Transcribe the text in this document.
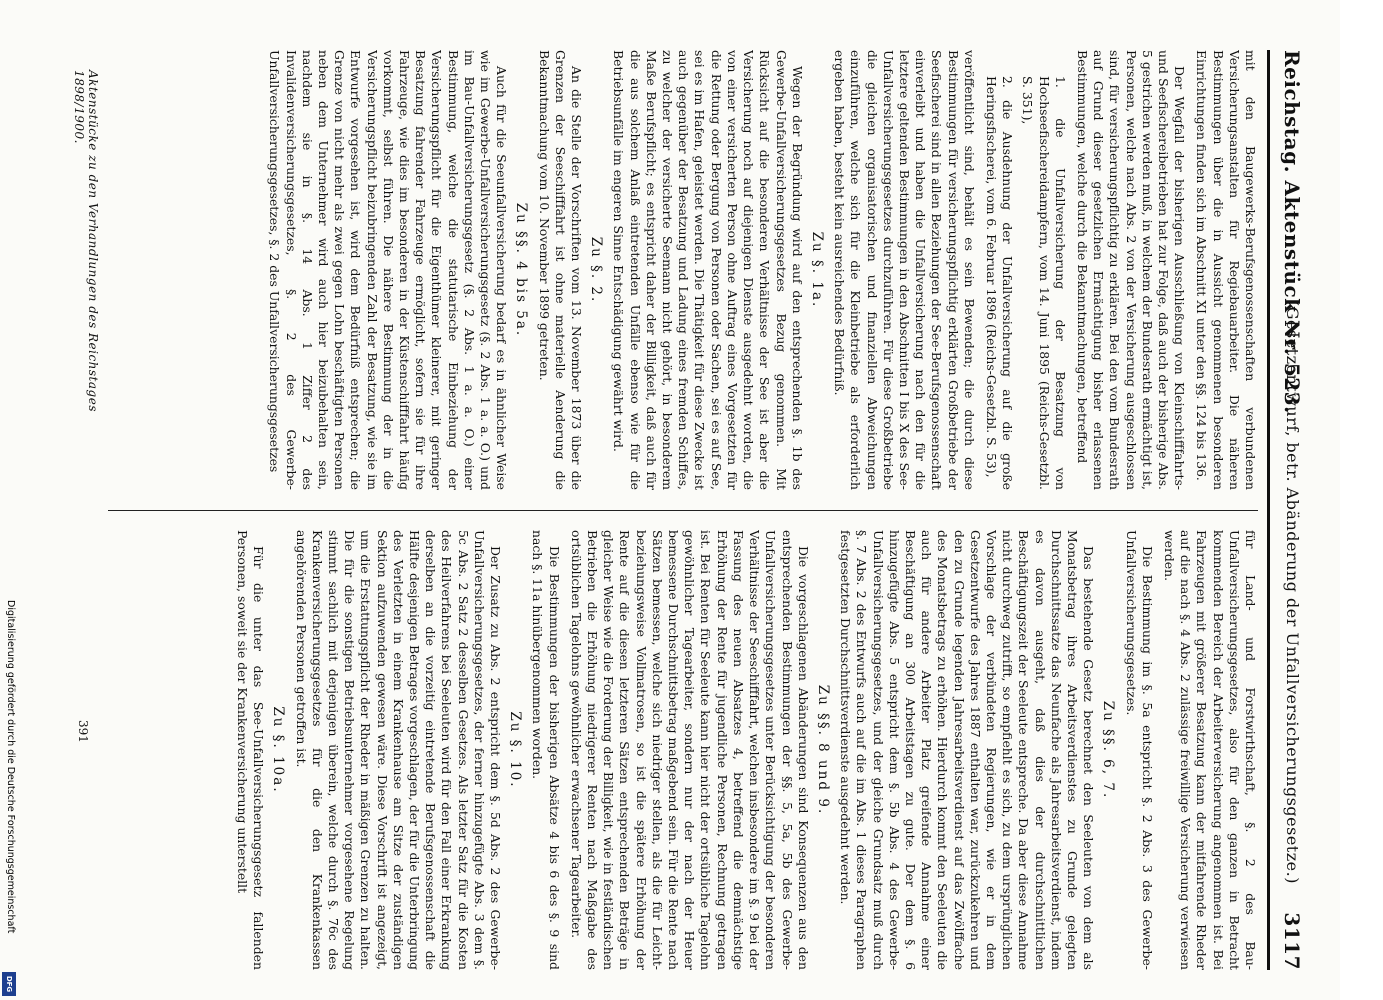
Reichstag. Aktenstück Nr. 523.
3117
(Gesetzentwurf, betr. Abänderung der Unfallversicherungsgesetze.)

mit den Baugewerks-Berufsgenossenschaften verbundenen Versicherungsanstalten für Regiebauarbeiter. Die näheren Bestimmungen über die in Aussicht genommenen besonderen Einrichtungen finden sich im Abschnitt XI unter den §§. 124 bis 136.

Der Wegfall der bisherigen Ausschließung von Kleinschifffahrts- und Seefischereibetrieben hat zur Folge, daß auch der bisherige Abs. 5 gestrichen werden muß, in welchem der Bundesrath ermächtigt ist, Personen, welche nach Abs. 2 von der Versicherung ausgeschlossen sind, für versicherungspflichtig zu erklären. Bei den vom Bundesrath auf Grund dieser gesetzlichen Ermächtigung bisher erlassenen Bestimmungen, welche durch die Bekanntmachungen, betreffend

1. die Unfallversicherung der Besatzung von Hochseefischereidampfern, vom 14. Juni 1895 (Reichs-Gesetzbl. S. 351),
2. die Ausdehnung der Unfallversicherung auf die große Heringsfischerei, vom 6. Februar 1896 (Reichs-Gesetzbl. S. 53),

veröffentlicht sind, behält es sein Bewenden; die durch diese Bestimmungen für versicherungspflichtig erklärten Großbetriebe der Seefischerei sind in allen Beziehungen der See-Berufsgenossenschaft einverleibt und haben die Unfallversicherung nach den für die letztere geltenden Bestimmungen in den Abschnitten I bis X des See-Unfallversicherungsgesetzes durchzuführen. Für diese Großbetriebe die gleichen organisatorischen und finanziellen Abweichungen einzuführen, welche sich für die Kleinbetriebe als erforderlich ergeben haben, besteht kein ausreichendes Bedürfniß.

Zu §. 1a.

Wegen der Begründung wird auf den entsprechenden §. 1b des Gewerbe-Unfallversicherungsgesetzes Bezug genommen. Mit Rücksicht auf die besonderen Verhältnisse der See ist aber die Versicherung noch auf diejenigen Dienste ausgedehnt worden, die von einer versicherten Person ohne Auftrag eines Vorgesetzten für die Rettung oder Bergung von Personen oder Sachen, sei es auf See, sei es im Hafen, geleistet werden. Die Thätigkeit für diese Zwecke ist auch gegenüber der Besatzung und Ladung eines fremden Schiffes, zu welcher der versicherte Seemann nicht gehört, in besonderem Maße Berufspflicht; es entspricht daher der Billigkeit, daß auch für die aus solchem Anlaß eintretenden Unfälle ebenso wie für die Betriebsunfälle im engeren Sinne Entschädigung gewährt wird.

Zu §. 2.

An die Stelle der Vorschriften vom 13. November 1873 über die Grenzen der Seeschifffahrt ist ohne materielle Aenderung die Bekanntmachung vom 10. November 1899 getreten.

Zu §§. 4 bis 5a.

Auch für die Seeunfallversicherung bedarf es in ähnlicher Weise wie im Gewerbe-Unfallversicherungsgesetz (§. 2 Abs. 1 a. a. O.) und im Bau-Unfallversicherungsgesetz (§. 2 Abs. 1 a. a. O.) einer Bestimmung, welche die statutarische Einbeziehung der Versicherungspflicht für die Eigenthümer kleinerer, mit geringer Besatzung fahrender Fahrzeuge ermöglicht, sofern sie für ihre Fahrzeuge, wie dies im besonderen in der Küstenschifffahrt häufig vorkommt, selbst führen. Die nähere Bestimmung der in die Versicherungspflicht beizubringenden Zahl der Besatzung, wie sie im Entwurfe vorgesehen ist, wird dem Bedürfniß entsprechen; die Grenze von nicht mehr als zwei gegen Lohn beschäftigten Personen neben dem Unternehmer wird auch hier beizubehalten sein, nachdem sie in §. 14 Abs. 1 Ziffer 2 des Invalidenversicherungsgesetzes, §. 2 des Gewerbe-Unfallversicherungsgesetzes, §. 2 des Unfallversicherungsgesetzes

für Land- und Forstwirthschaft, §. 2 des Bau-Unfallversicherungsgesetzes, also für den ganzen in Betracht kommenden Bereich der Arbeiterversicherung angenommen ist. Bei Fahrzeugen mit größerer Besatzung kann der mitfahrende Rheder auf die nach §. 4 Abs. 2 zulässige freiwillige Versicherung verwiesen werden.

Die Bestimmung im §. 5a entspricht §. 2 Abs. 3 des Gewerbe-Unfallversicherungsgesetzes.

Zu §§. 6, 7.

Das bestehende Gesetz berechnet den Seeleuten von dem als Monatsbetrag ihres Arbeitsverdienstes zu Grunde gelegten Durchschnittssatze das Neunfache als Jahresarbeitsverdienst, indem es davon ausgeht, daß dies der durchschnittlichen Beschäftigungszeit der Seeleute entspreche. Da aber diese Annahme nicht durchweg zutrifft, so empfiehlt es sich, zu dem ursprünglichen Vorschlage der verbündeten Regierungen, wie er in dem Gesetzentwurfe des Jahres 1887 enthalten war, zurückzukehren und den zu Grunde legenden Jahresarbeitsverdienst auf das Zwölffache des Monatsbetrags zu erhöhen. Hierdurch kommt den Seeleuten die auch für andere Arbeiter Platz greifende Annahme einer Beschäftigung an 300 Arbeitstagen zu gute. Der dem §. 6 hinzugefügte Abs. 5 entspricht dem §. 5b Abs. 4 des Gewerbe-Unfallversicherungsgesetzes, und der gleiche Grundsatz muß durch §. 7 Abs. 2 des Entwurfs auch auf die im Abs. 1 dieses Paragraphen festgesetzten Durchschnittsverdienste ausgedehnt werden.

Zu §§. 8 und 9.

Die vorgeschlagenen Abänderungen sind Konsequenzen aus den entsprechenden Bestimmungen der §§. 5, 5a, 5b des Gewerbe-Unfallversicherungsgesetzes unter Berücksichtigung der besonderen Verhältnisse der Seeschifffahrt, welchen insbesondere im §. 9 bei der Fassung des neuen Absatzes 4, betreffend die demnächstige Erhöhung der Rente für jugendliche Personen, Rechnung getragen ist. Bei Renten für Seeleute kann hier nicht der ortsübliche Tagelohn gewöhnlicher Tagearbeiter, sondern nur der nach der Heuer bemessene Durchschnittsbetrag maßgebend sein. Für die Rente nach Sätzen bemessen, welche sich niedriger stellen, als die für Leicht- beziehungsweise Vollmatrosen, so ist die spätere Erhöhung der Rente auf die diesen letzteren Sätzen entsprechenden Beträge in gleicher Weise wie die Forderung der Billigkeit, wie in festländischen Betrieben die Erhöhung niedrigerer Renten nach Maßgabe des ortsüblichen Tagelohns gewöhnlicher erwachsener Tagearbeiter.

Die Bestimmungen der bisherigen Absätze 4 bis 6 des §. 9 sind nach §. 11a hinübergenommen worden.

Zu §. 10.

Der Zusatz zu Abs. 2 entspricht dem §. 5d Abs. 2 des Gewerbe-Unfallversicherungsgesetzes, der ferner hinzugefügte Abs. 3 dem §. 5c Abs. 2 Satz 2 desselben Gesetzes. Als letzter Satz für die Kosten des Heilverfahrens bei Seeleuten wird für den Fall einer Erkrankung derselben an die vorzeitig eintretende Berufsgenossenschaft die Hälfte desjenigen Betrages vorgeschlagen, der für die Unterbringung des Verletzten in einem Krankenhause am Sitze der zuständigen Sektion aufzuwenden gewesen wäre. Diese Vorschrift ist angezeigt, um die Erstattungspflicht der Rheder in mäßigen Grenzen zu halten. Die für die sonstigen Betriebsunternehmer vorgesehene Regelung stimmt sachlich mit derjenigen überein, welche durch §. 76c des Krankenversicherungsgesetzes für die den Krankenkassen angehörenden Personen getroffen ist.

Zu §. 10a.

Für die unter das See-Unfallversicherungsgesetz fallenden Personen, soweit sie der Krankenversicherung unterstellt

Aktenstücke zu den Verhandlungen des Reichstages 1898/1900.
391
Digitalisierung gefördert durch die Deutsche Forschungsgemeinschaft
DFG
